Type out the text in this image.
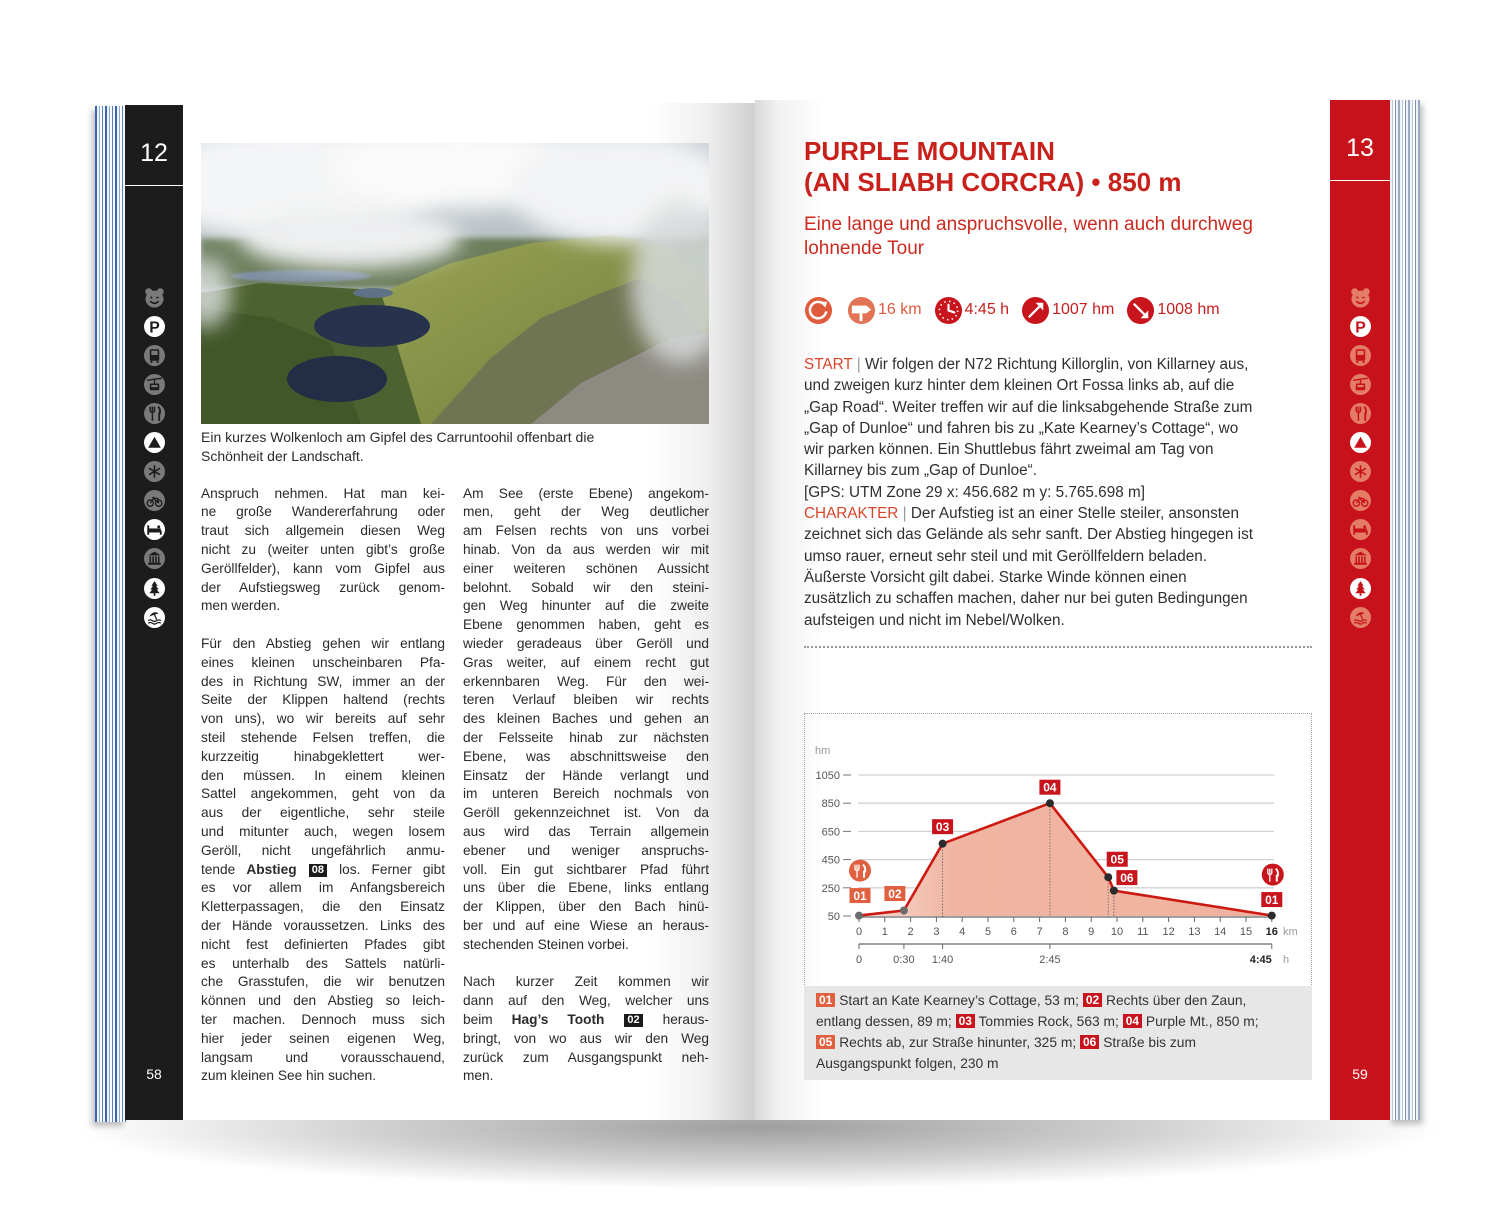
12
P
58
Ein kurzes Wolkenloch am Gipfel des Carruntoohil offenbart die
Schönheit der Landschaft.
Anspruch nehmen. Hat man kei-
ne große Wandererfahrung oder
traut sich allgemein diesen Weg
nicht zu (weiter unten gibt’s große
Geröllfelder), kann vom Gipfel aus
der Aufstiegsweg zurück genom-
men werden.
Für den Abstieg gehen wir entlang
eines kleinen unscheinbaren Pfa-
des in Richtung SW, immer an der
Seite der Klippen haltend (rechts
von uns), wo wir bereits auf sehr
steil stehende Felsen treffen, die
kurzzeitig hinabgeklettert wer-
den müssen. In einem kleinen
Sattel angekommen, geht von da
aus der eigentliche, sehr steile
und mitunter auch, wegen losem
Geröll, nicht ungefährlich anmu-
tende Abstieg 08 los. Ferner gibt
es vor allem im Anfangsbereich
Kletterpassagen, die den Einsatz
der Hände voraussetzen. Links des
nicht fest definierten Pfades gibt
es unterhalb des Sattels natürli-
che Grasstufen, die wir benutzen
können und den Abstieg so leich-
ter machen. Dennoch muss sich
hier jeder seinen eigenen Weg,
langsam und vorausschauend,
zum kleinen See hin suchen.
Am See (erste Ebene) angekom-
men, geht der Weg deutlicher
am Felsen rechts von uns vorbei
hinab. Von da aus werden wir mit
einer weiteren schönen Aussicht
belohnt. Sobald wir den steini-
gen Weg hinunter auf die zweite
Ebene genommen haben, geht es
wieder geradeaus über Geröll und
Gras weiter, auf einem recht gut
erkennbaren Weg. Für den wei-
teren Verlauf bleiben wir rechts
des kleinen Baches und gehen an
der Felsseite hinab zur nächsten
Ebene, was abschnittsweise den
Einsatz der Hände verlangt und
im unteren Bereich nochmals von
Geröll gekennzeichnet ist. Von da
aus wird das Terrain allgemein
ebener und weniger anspruchs-
voll. Ein gut sichtbarer Pfad führt
uns über die Ebene, links entlang
der Klippen, über den Bach hinü-
ber und auf eine Wiese an heraus-
stechenden Steinen vorbei.
Nach kurzer Zeit kommen wir
dann auf den Weg, welcher uns
beim Hag’s Tooth 02 heraus-
bringt, von wo aus wir den Weg
zurück zum Ausgangspunkt neh-
men.
13
P
59
PURPLE MOUNTAIN
(AN SLIABH CORCRA) • 850 m
Eine lange und anspruchsvolle, wenn auch durchweg
lohnende Tour
16 km	4:45 h	1007 hm	1008 hm
START | Wir folgen der N72 Richtung Killorglin, von Killarney aus,
und zweigen kurz hinter dem kleinen Ort Fossa links ab, auf die
„Gap Road“. Weiter treffen wir auf die linksabgehende Straße zum
„Gap of Dunloe“ und fahren bis zu „Kate Kearney’s Cottage“, wo
wir parken können. Ein Shuttlebus fährt zweimal am Tag von
Killarney bis zum „Gap of Dunloe“.
[GPS: UTM Zone 29 x: 456.682 m y: 5.765.698 m]
CHARAKTER | Der Aufstieg ist an einer Stelle steiler, ansonsten
zeichnet sich das Gelände als sehr sanft. Der Abstieg hingegen ist
umso rauer, erneut sehr steil und mit Geröllfeldern beladen.
Äußerste Vorsicht gilt dabei. Starke Winde können einen
zusätzlich zu schaffen machen, daher nur bei guten Bedingungen
aufsteigen und nicht im Nebel/Wolken.
hm
50
250
450
650
850
1050
0 1 2 3 4 5 6 7 8 9 10 11 12 13 14 15 16 km
0	0:30 1:40	2:45	4:45 h
01 02
03
04
05
06
01
01 Start an Kate Kearney’s Cottage, 53 m; 02 Rechts über den Zaun,
entlang dessen, 89 m; 03 Tommies Rock, 563 m; 04 Purple Mt., 850 m;
05 Rechts ab, zur Straße hinunter, 325 m; 06 Straße bis zum
Ausgangspunkt folgen, 230 m
